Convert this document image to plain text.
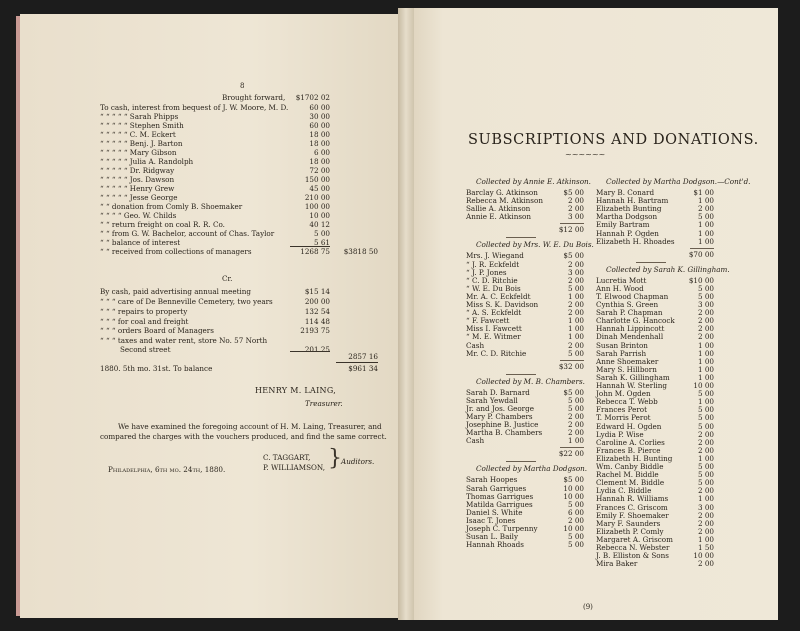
8
Brought forward,	$1702 02
To cash, interest from bequest of J. W. Moore, M. D.	60 00
“ “ “ “ “ Sarah Phipps	30 00
“ “ “ “ “ Stephen Smith	60 00
“ “ “ “ “ C. M. Eckert	18 00
“ “ “ “ “ Benj. J. Barton	18 00
“ “ “ “ “ Mary Gibson	6 00
“ “ “ “ “ Julia A. Randolph	18 00
“ “ “ “ “ Dr. Ridgway	72 00
“ “ “ “ “ Jos. Dawson	150 00
“ “ “ “ “ Henry Grew	45 00
“ “ “ “ “ Jesse George	210 00
“ “ donation from Comly B. Shoemaker	100 00
“ “ “ “ Geo. W. Childs	10 00
“ “ return freight on coal R. R. Co.	40 12
“ “ from G. W. Bachelor, account of Chas. Taylor	5 00
“ “ balance of interest	5 61
“ “ received from collections of managers	1268 75	$3818 50
Cr.
By cash, paid advertising annual meeting	$15 14
“ “ “ care of De Benneville Cemetery, two years	200 00
“ “ “ repairs to property	132 54
“ “ “ for coal and freight	114 48
“ “ “ orders Board of Managers	2193 75
“ “ “ taxes and water rent, store No. 57 North
Second street	201 25
2857 16
1880. 5th mo. 31st. To balance	$961 34
HENRY M. LAING,
Treasurer.
We have examined the foregoing account of H. M. Laing, Treasurer, and
compared the charges with the vouchers produced, and find the same correct.
C. TAGGART,
P. WILLIAMSON, } Auditors.
Philadelphia, 6th mo. 24th, 1880.
SUBSCRIPTIONS AND DONATIONS.
~~~~~~
Collected by Annie E. Atkinson.
Barclay G. Atkinson	$5 00
Rebecca M. Atkinson	2 00
Sallie A. Atkinson	2 00
Annie E. Atkinson	3 00
$12 00
Collected by Mrs. W. E. Du Bois.
Mrs. J. Wiegand	$5 00
“ J. R. Eckfeldt	2 00
“ J. P. Jones	3 00
“ C. D. Ritchie	2 00
“ W. E. Du Bois	5 00
Mr. A. C. Eckfeldt	1 00
Miss S. K. Davidson	2 00
“ A. S. Eckfeldt	2 00
“ F. Fawcett	1 00
Miss I. Fawcett	1 00
“ M. E. Witmer	1 00
Cash	2 00
Mr. C. D. Ritchie	5 00
$32 00
Collected by M. B. Chambers.
Sarah D. Barnard	$5 00
Sarah Yewdall	5 00
Jr. and Jos. George	5 00
Mary P. Chambers	2 00
Josephine B. Justice	2 00
Martha B. Chambers	2 00
Cash	1 00
$22 00
Collected by Martha Dodgson.
Sarah Hoopes	$5 00
Sarah Garrigues	10 00
Thomas Garrigues	10 00
Matilda Garrigues	5 00
Daniel S. White	6 00
Isaac T. Jones	2 00
Joseph C. Turpenny	10 00
Susan L. Baily	5 00
Hannah Rhoads	5 00
Collected by Martha Dodgson.—Cont'd.
Mary B. Conard	$1 00
Hannah H. Bartram	1 00
Elizabeth Bunting	2 00
Martha Dodgson	5 00
Emily Bartram	1 00
Hannah P. Ogden	1 00
Elizabeth H. Rhoades	1 00
$70 00
Collected by Sarah K. Gillingham.
Lucretia Mott	$10 00
Ann H. Wood	5 00
T. Elwood Chapman	5 00
Cynthia S. Green	3 00
Sarah P. Chapman	2 00
Charlotte G. Hancock	2 00
Hannah Lippincott	2 00
Dinah Mendenhall	2 00
Susan Brinton	1 00
Sarah Parrish	1 00
Anne Shoemaker	1 00
Mary S. Hillborn	1 00
Sarah K. Gillingham	1 00
Hannah W. Sterling	10 00
John M. Ogden	5 00
Rebecca T. Webb	1 00
Frances Perot	5 00
T. Morris Perot	5 00
Edward H. Ogden	5 00
Lydia P. Wise	2 00
Caroline A. Corlies	2 00
Frances B. Pierce	2 00
Elizabeth H. Bunting	1 00
Wm. Canby Biddle	5 00
Rachel M. Biddle	5 00
Clement M. Biddle	5 00
Lydia C. Biddle	2 00
Hannah R. Williams	1 00
Frances C. Griscom	3 00
Emily F. Shoemaker	2 00
Mary F. Saunders	2 00
Elizabeth P. Comly	2 00
Margaret A. Griscom	1 00
Rebecca N. Webster	1 50
J. B. Elliston & Sons	10 00
Mira Baker	2 00
(9)
